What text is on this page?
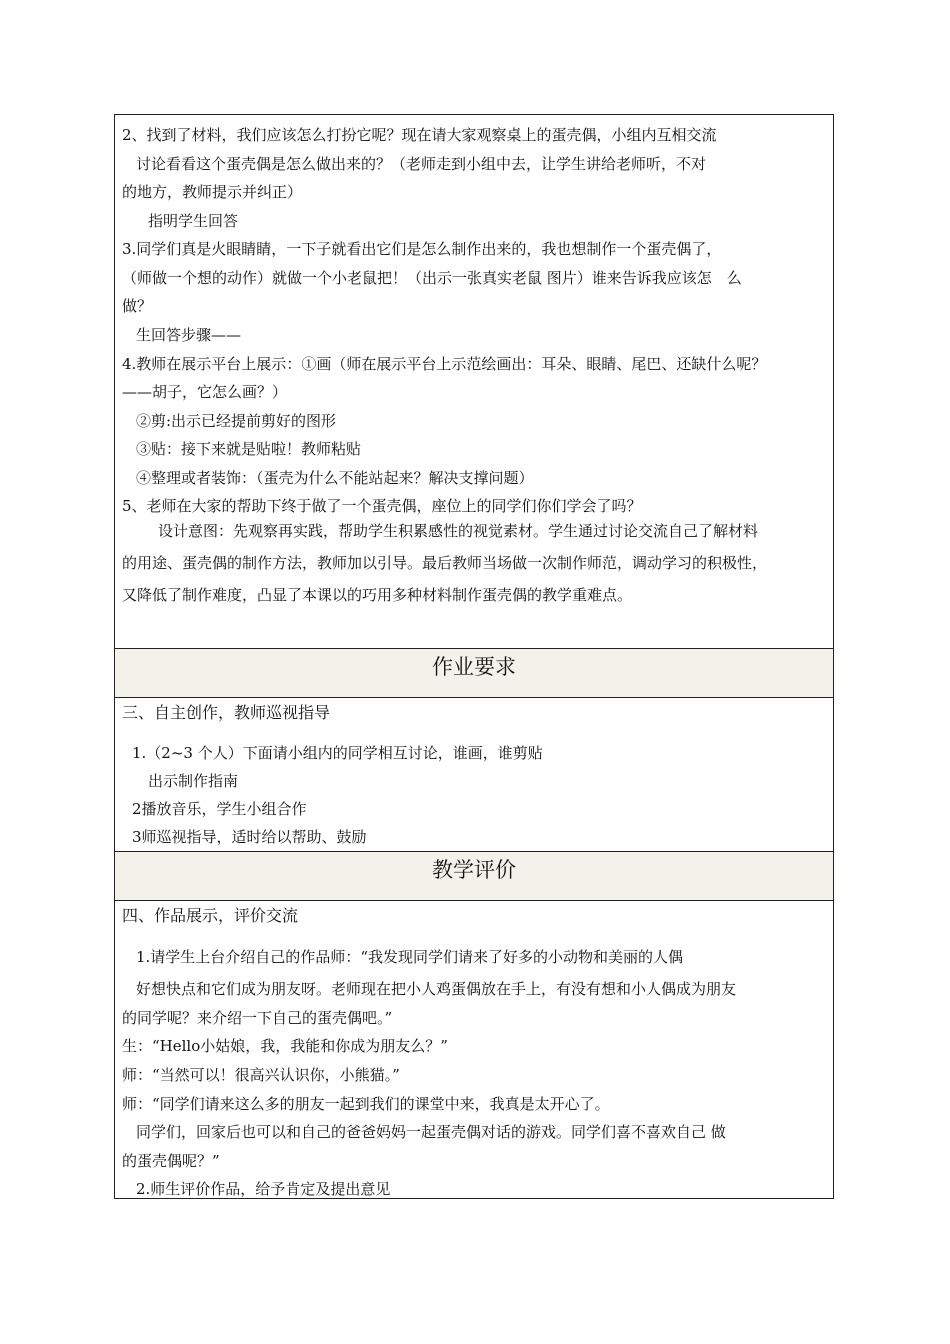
2、找到了材料，我们应该怎么打扮它呢？现在请大家观察桌上的蛋壳偶，小组内互相交流
讨论看看这个蛋壳偶是怎么做出来的？（老师走到小组中去，让学生讲给老师听，不对
的地方，教师提示并纠正）
指明学生回答
3.同学们真是火眼睛睛，一下子就看出它们是怎么制作出来的，我也想制作一个蛋壳偶了，
（师做一个想的动作）就做一个小老鼠把！（出示一张真实老鼠 图片）谁来告诉我应该怎　么
做？
生回答步骤——
4.教师在展示平台上展示：①画（师在展示平台上示范绘画出：耳朵、眼睛、尾巴、还缺什么呢？
——胡子，它怎么画？）
②剪:出示已经提前剪好的图形
③贴：接下来就是贴啦！教师粘贴
④整理或者装饰：（蛋壳为什么不能站起来？解决支撑问题）
5、老师在大家的帮助下终于做了一个蛋壳偶，座位上的同学们你们学会了吗？
设计意图：先观察再实践，帮助学生积累感性的视觉素材。学生通过讨论交流自己了解材料
的用途、蛋壳偶的制作方法，教师加以引导。最后教师当场做一次制作师范，调动学习的积极性，
又降低了制作难度，凸显了本课以的巧用多种材料制作蛋壳偶的教学重难点。
作业要求
三、自主创作，教师巡视指导
1.（2~3 个人）下面请小组内的同学相互讨论，谁画，谁剪贴
出示制作指南
2播放音乐，学生小组合作
3师巡视指导，适时给以帮助、鼓励
教学评价
四、作品展示，评价交流
1.请学生上台介绍自己的作品师：“我发现同学们请来了好多的小动物和美丽的人偶
好想快点和它们成为朋友呀。老师现在把小人鸡蛋偶放在手上，有没有想和小人偶成为朋友
的同学呢？来介绍一下自己的蛋壳偶吧。”
生：“Hello小姑娘，我，我能和你成为朋友么？”
师：“当然可以！很高兴认识你，小熊猫。”
师：“同学们请来这么多的朋友一起到我们的课堂中来，我真是太开心了。
同学们，回家后也可以和自己的爸爸妈妈一起蛋壳偶对话的游戏。同学们喜不喜欢自己 做
的蛋壳偶呢？”
2.师生评价作品，给予肯定及提出意见
